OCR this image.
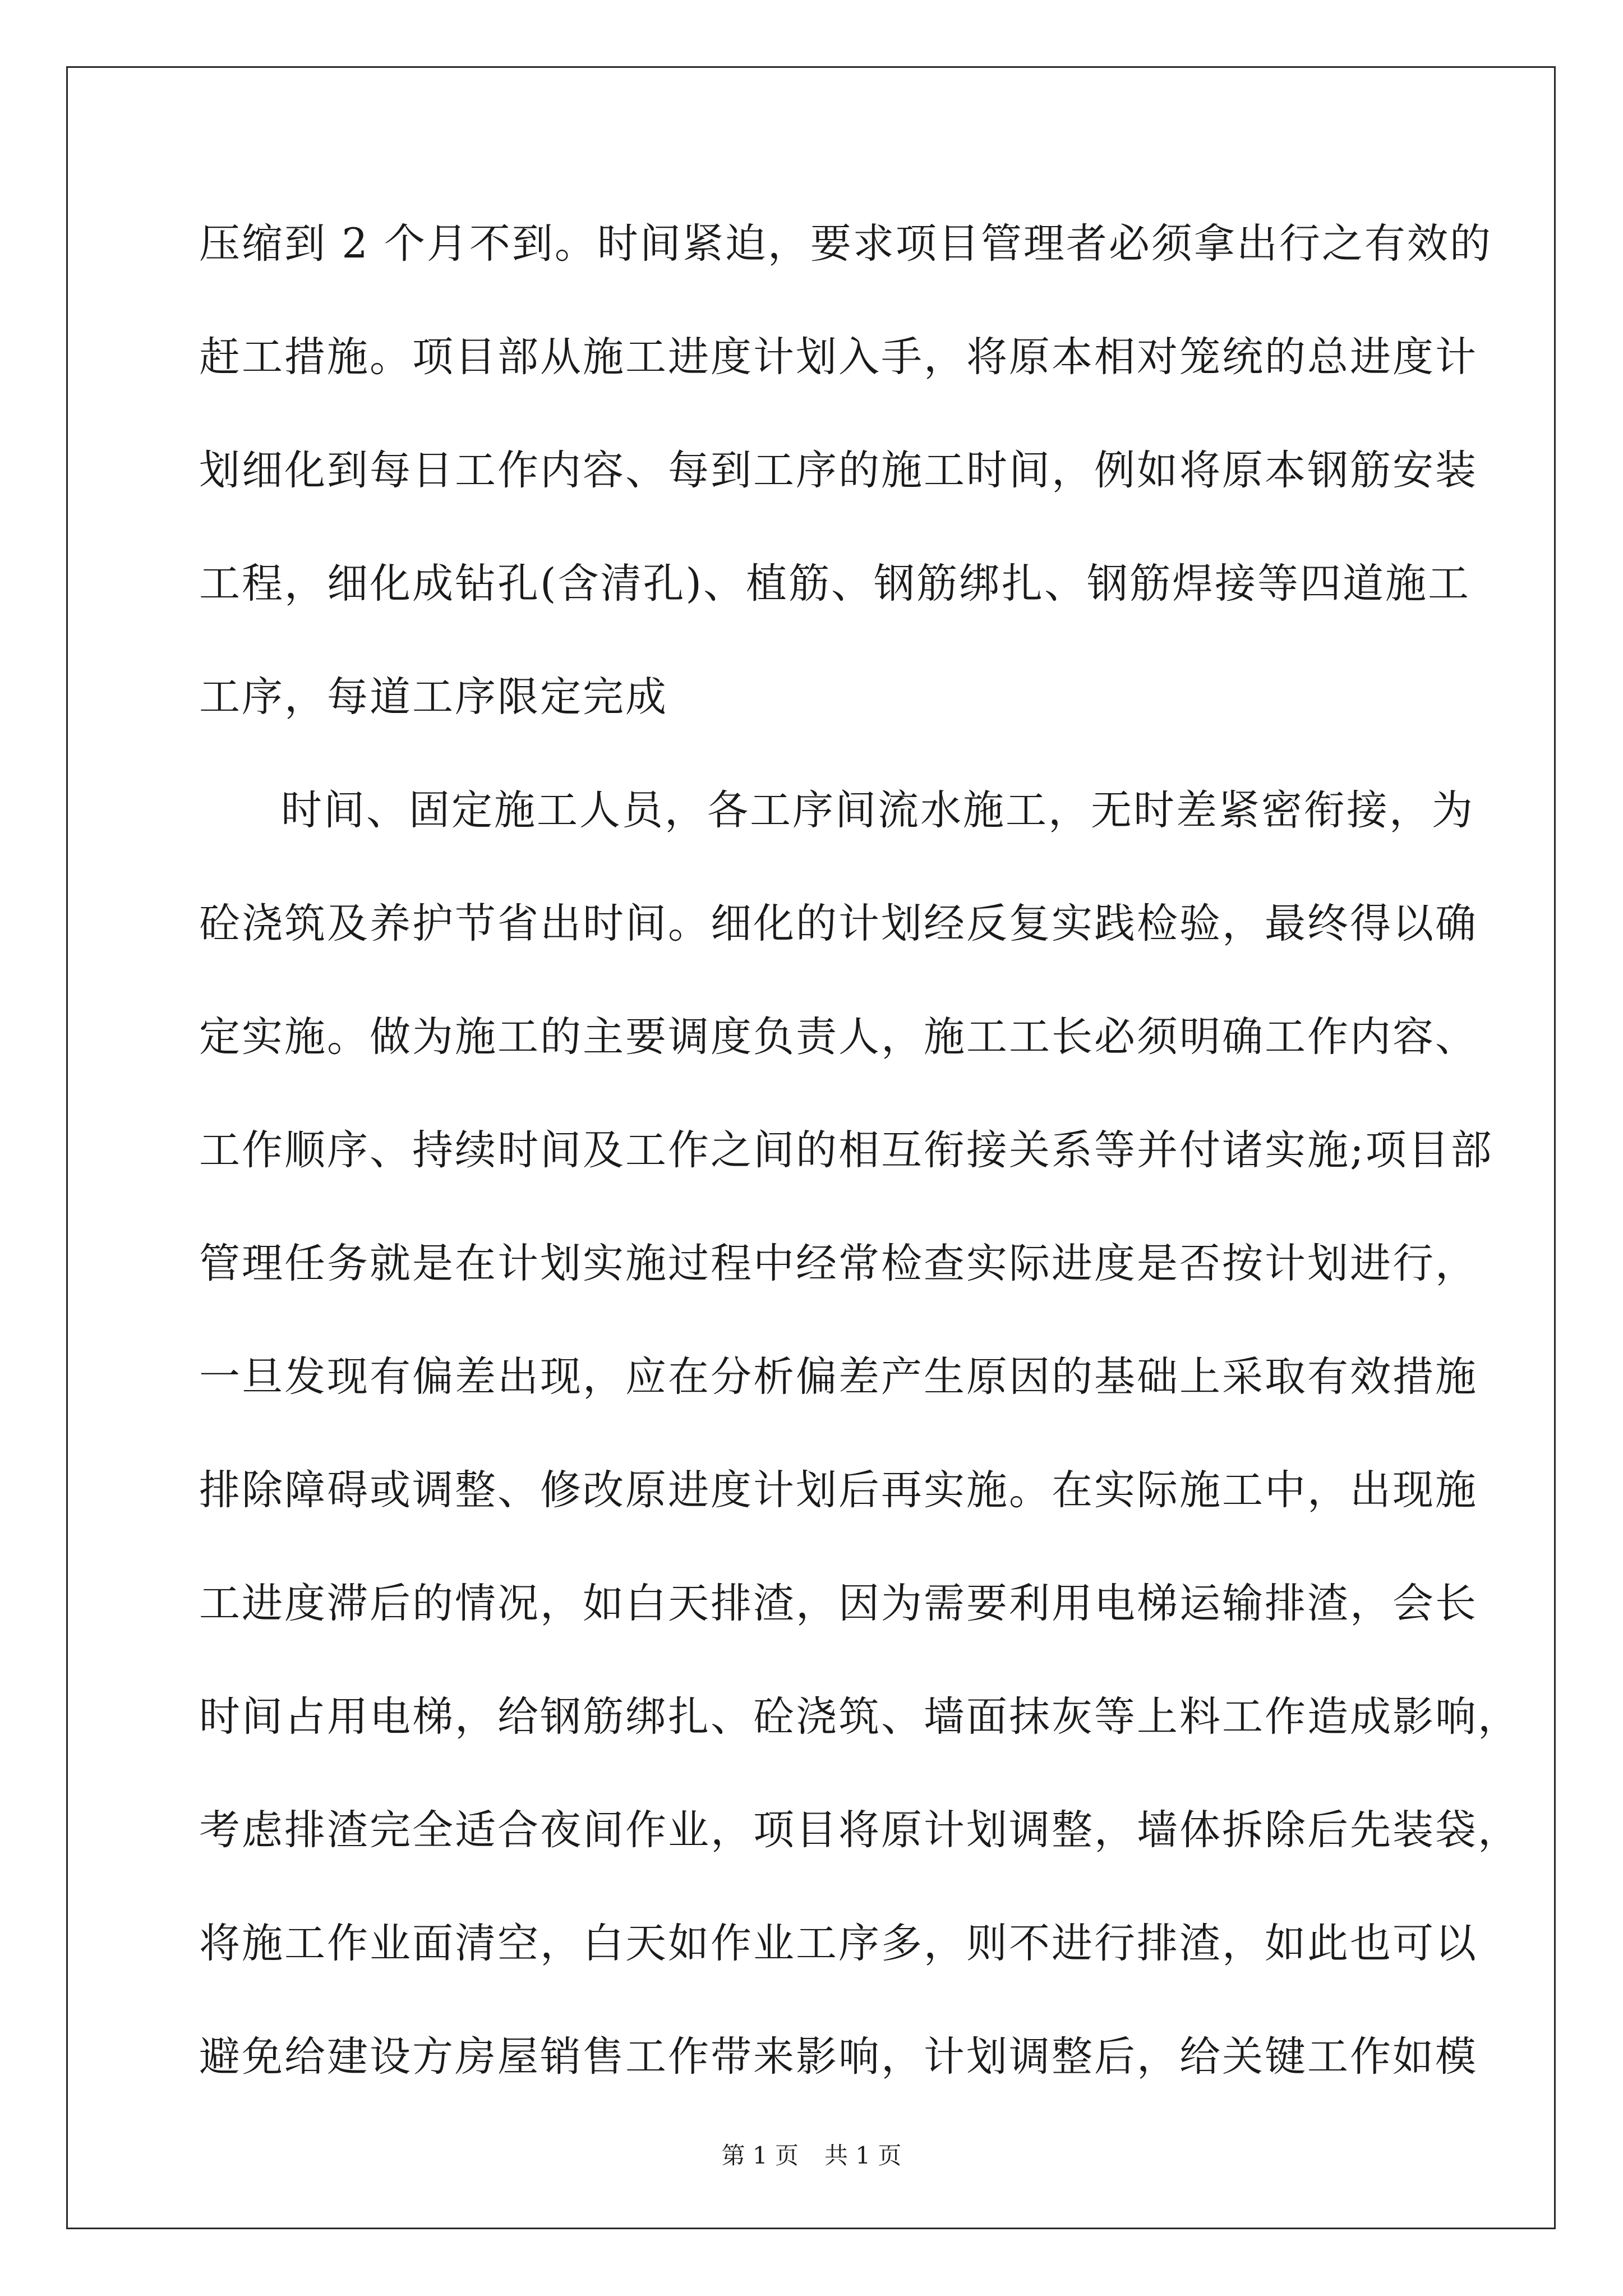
压缩到 2 个月不到。时间紧迫，要求项目管理者必须拿出行之有效的

赶工措施。项目部从施工进度计划入手，将原本相对笼统的总进度计

划细化到每日工作内容、每到工序的施工时间，例如将原本钢筋安装

工程，细化成钻孔(含清孔)、植筋、钢筋绑扎、钢筋焊接等四道施工

工序，每道工序限定完成

时间、固定施工人员，各工序间流水施工，无时差紧密衔接，为

砼浇筑及养护节省出时间。细化的计划经反复实践检验，最终得以确

定实施。做为施工的主要调度负责人，施工工长必须明确工作内容、

工作顺序、持续时间及工作之间的相互衔接关系等并付诸实施;项目部

管理任务就是在计划实施过程中经常检查实际进度是否按计划进行，

一旦发现有偏差出现，应在分析偏差产生原因的基础上采取有效措施

排除障碍或调整、修改原进度计划后再实施。在实际施工中，出现施

工进度滞后的情况，如白天排渣，因为需要利用电梯运输排渣，会长

时间占用电梯，给钢筋绑扎、砼浇筑、墙面抹灰等上料工作造成影响，

考虑排渣完全适合夜间作业，项目将原计划调整，墙体拆除后先装袋，

将施工作业面清空，白天如作业工序多，则不进行排渣，如此也可以

避免给建设方房屋销售工作带来影响，计划调整后，给关键工作如模

第 1 页 共 1 页
